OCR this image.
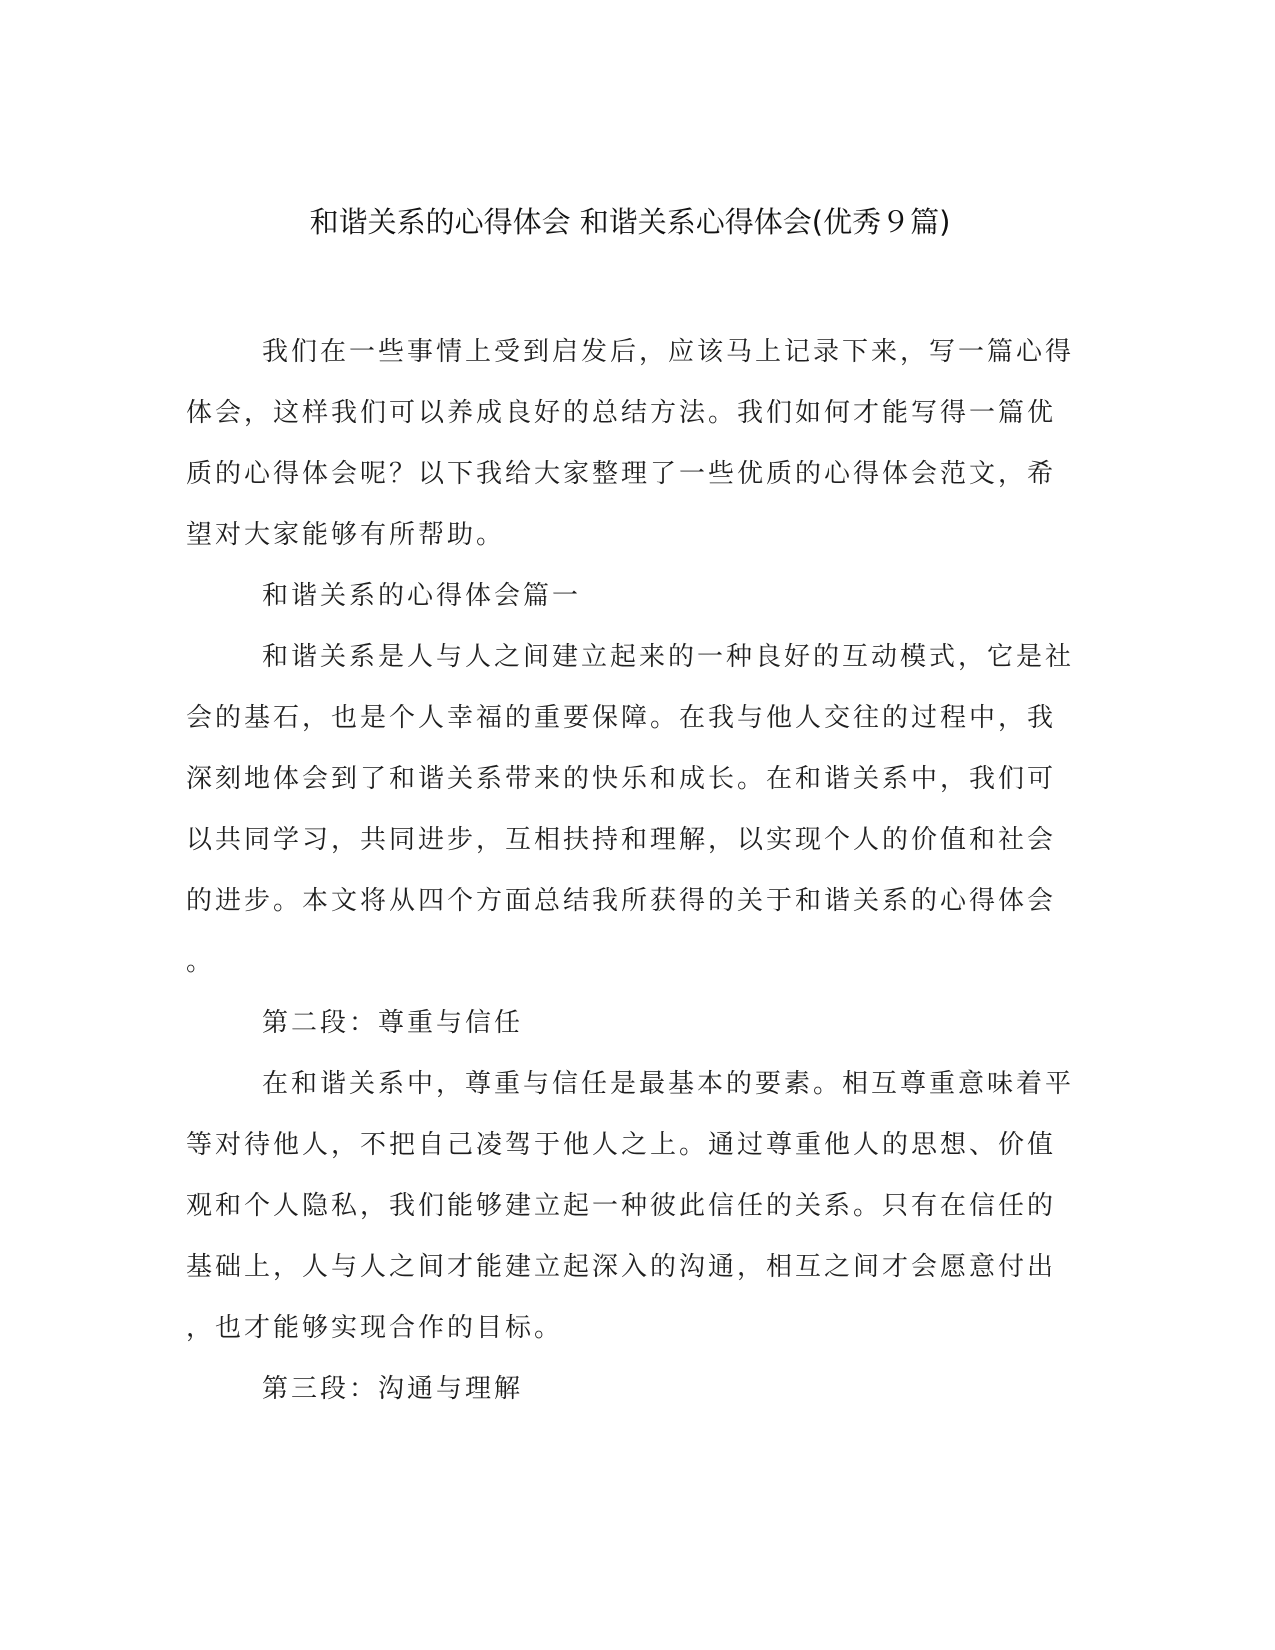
和谐关系的心得体会 和谐关系心得体会(优秀９篇)
我们在一些事情上受到启发后，应该马上记录下来，写一篇心得
体会，这样我们可以养成良好的总结方法。我们如何才能写得一篇优
质的心得体会呢？以下我给大家整理了一些优质的心得体会范文，希
望对大家能够有所帮助。
和谐关系的心得体会篇一
和谐关系是人与人之间建立起来的一种良好的互动模式，它是社
会的基石，也是个人幸福的重要保障。在我与他人交往的过程中，我
深刻地体会到了和谐关系带来的快乐和成长。在和谐关系中，我们可
以共同学习，共同进步，互相扶持和理解，以实现个人的价值和社会
的进步。本文将从四个方面总结我所获得的关于和谐关系的心得体会
。
第二段：尊重与信任
在和谐关系中，尊重与信任是最基本的要素。相互尊重意味着平
等对待他人，不把自己凌驾于他人之上。通过尊重他人的思想、价值
观和个人隐私，我们能够建立起一种彼此信任的关系。只有在信任的
基础上，人与人之间才能建立起深入的沟通，相互之间才会愿意付出
，也才能够实现合作的目标。
第三段：沟通与理解
